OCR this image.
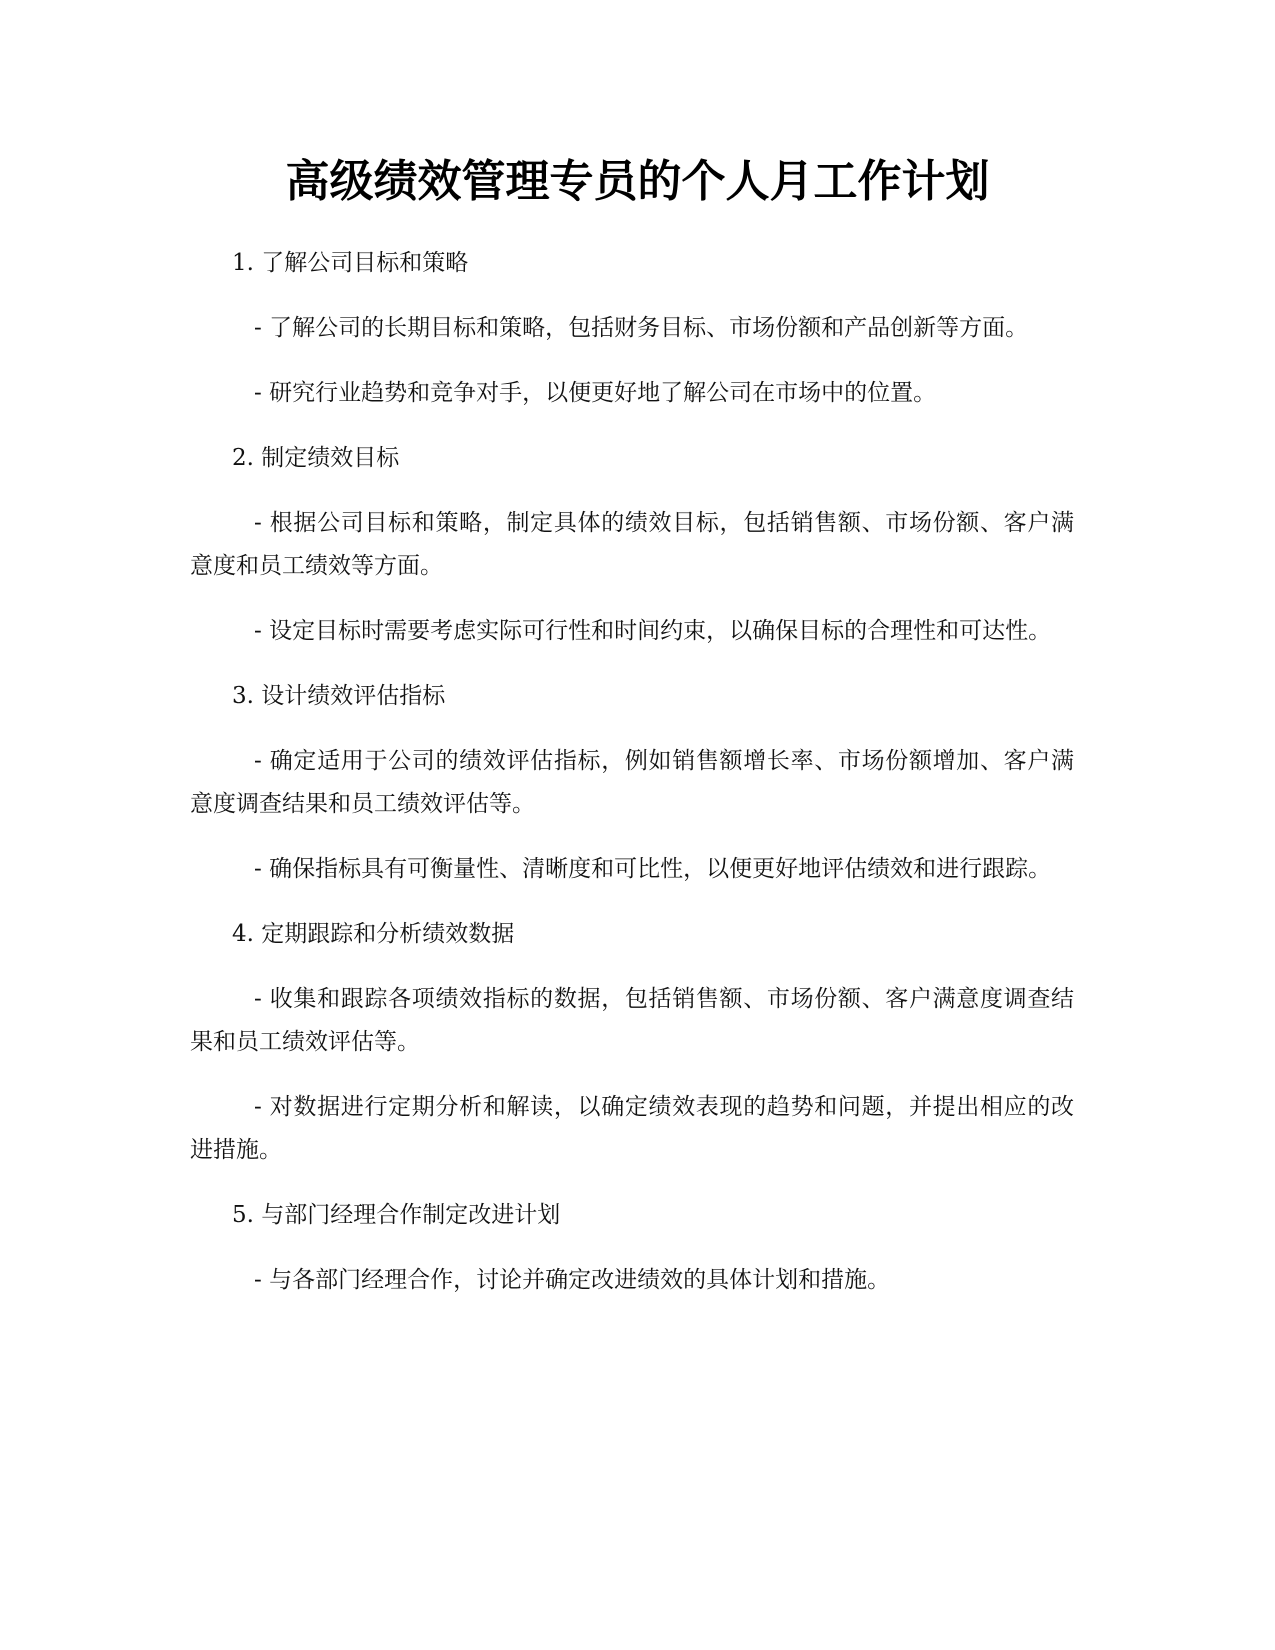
高级绩效管理专员的个人月工作计划

1. 了解公司目标和策略

- 了解公司的长期目标和策略，包括财务目标、市场份额和产品创新等方面。

- 研究行业趋势和竞争对手，以便更好地了解公司在市场中的位置。

2. 制定绩效目标

- 根据公司目标和策略，制定具体的绩效目标，包括销售额、市场份额、客户满意度和员工绩效等方面。

- 设定目标时需要考虑实际可行性和时间约束，以确保目标的合理性和可达性。

3. 设计绩效评估指标

- 确定适用于公司的绩效评估指标，例如销售额增长率、市场份额增加、客户满意度调查结果和员工绩效评估等。

- 确保指标具有可衡量性、清晰度和可比性，以便更好地评估绩效和进行跟踪。

4. 定期跟踪和分析绩效数据

- 收集和跟踪各项绩效指标的数据，包括销售额、市场份额、客户满意度调查结果和员工绩效评估等。

- 对数据进行定期分析和解读，以确定绩效表现的趋势和问题，并提出相应的改进措施。

5. 与部门经理合作制定改进计划

- 与各部门经理合作，讨论并确定改进绩效的具体计划和措施。
